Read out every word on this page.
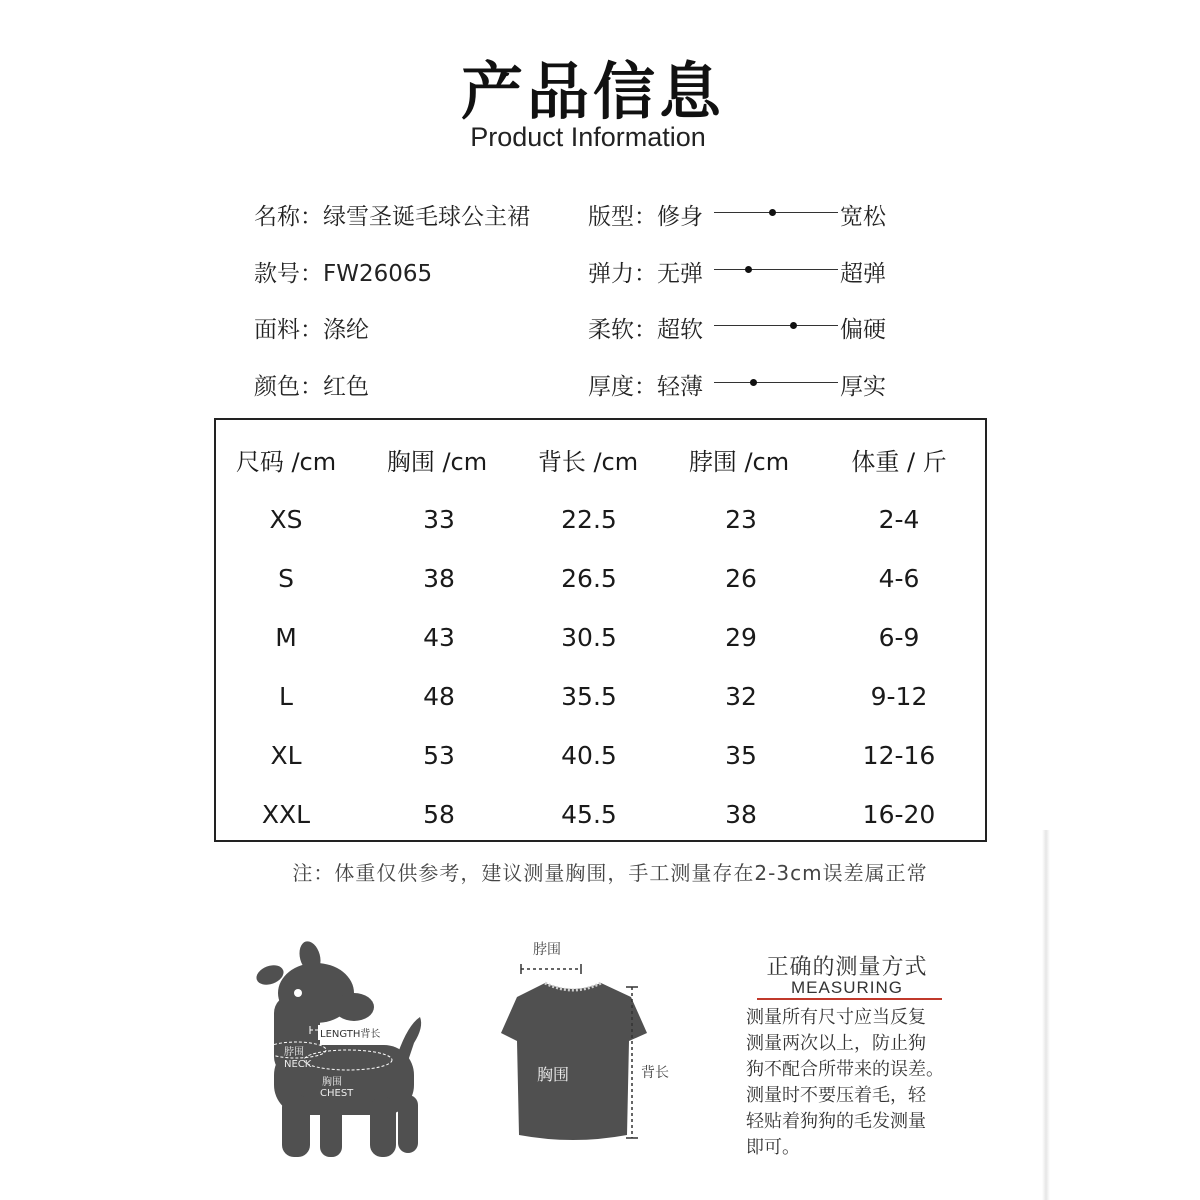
产品信息
Product Information
名称：绿雪圣诞毛球公主裙
款号：FW26065
面料：涤纶
颜色：红色
版型：修身	宽松
弹力：无弹	超弹
柔软：超软	偏硬
厚度：轻薄	厚实
尺码 /cm	胸围 /cm	背长 /cm	脖围 /cm	体重 / 斤
XS	33	22.5	23	2-4
S	38	26.5	26	4-6
M	43	30.5	29	6-9
L	48	35.5	32	9-12
XL	53	40.5	35	12-16
XXL	58	45.5	38	16-20
注：体重仅供参考，建议测量胸围，手工测量存在2-3cm误差属正常
LENGTH背长
脖围
NECK
胸围
CHEST
脖围
胸围	背长
正确的测量方式
MEASURING
测量所有尺寸应当反复
测量两次以上，防止狗
狗不配合所带来的误差。
测量时不要压着毛，轻
轻贴着狗狗的毛发测量
即可。
